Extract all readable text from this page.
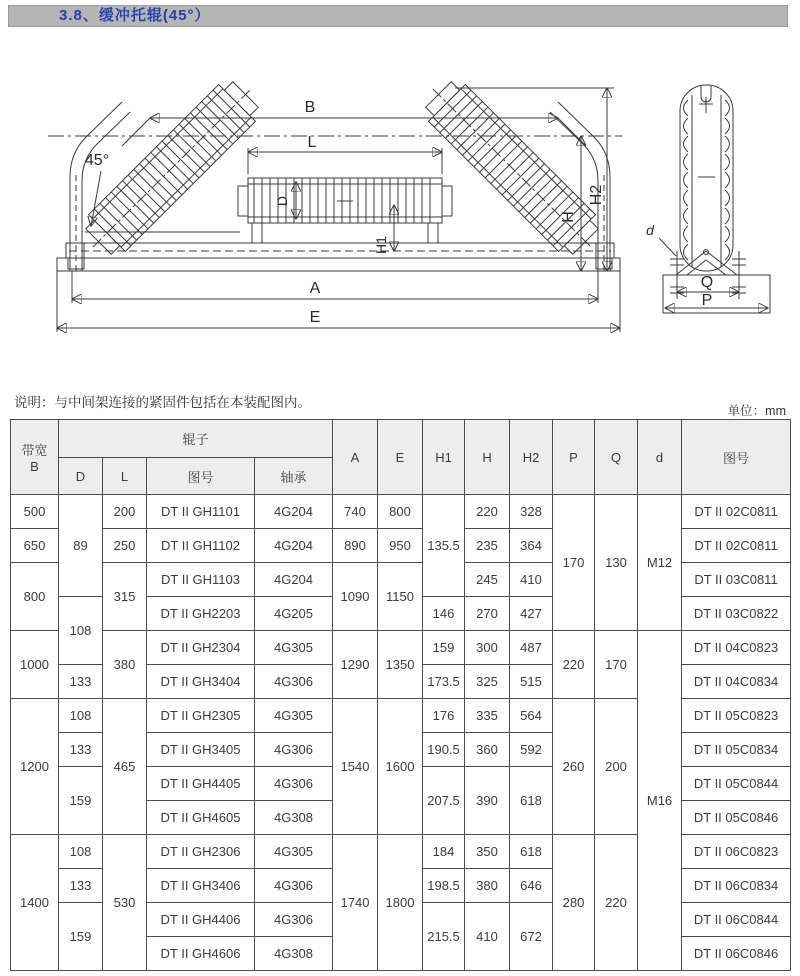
3.8、缓冲托辊(45°）
B
L
D
45°
H1
H
H2
A
E
d
Q
P
说明：与中间架连接的紧固件包括在本装配图内。
单位：mm
带宽
B	辊子				A	E	H1	H	H2	P	Q	d	图号
	D	L	图号	轴承									
500	89	200	DT II GH1101	4G204	740	800	135.5	220	328	170	130	M12	DT II 02C0811
650		250	DT II GH1102	4G204	890	950		235	364				DT II 02C0811
800		315	DT II GH1103	4G204	1090	1150		245	410				DT II 03C0811
	108		DT II GH2203	4G205			146	270	427				DT II 03C0822
1000		380	DT II GH2304	4G305	1290	1350	159	300	487	220	170	M16	DT II 04C0823
	133		DT II GH3404	4G306			173.5	325	515				DT II 04C0834
1200	108	465	DT II GH2305	4G305	1540	1600	176	335	564	260	200		DT II 05C0823
	133		DT II GH3405	4G306			190.5	360	592				DT II 05C0834
	159		DT II GH4405	4G306			207.5	390	618				DT II 05C0844
			DT II GH4605	4G308									DT II 05C0846
1400	108	530	DT II GH2306	4G305	1740	1800	184	350	618	280	220		DT II 06C0823
	133		DT II GH3406	4G306			198.5	380	646				DT II 06C0834
	159		DT II GH4406	4G306			215.5	410	672				DT II 06C0844
			DT II GH4606	4G308									DT II 06C0846
